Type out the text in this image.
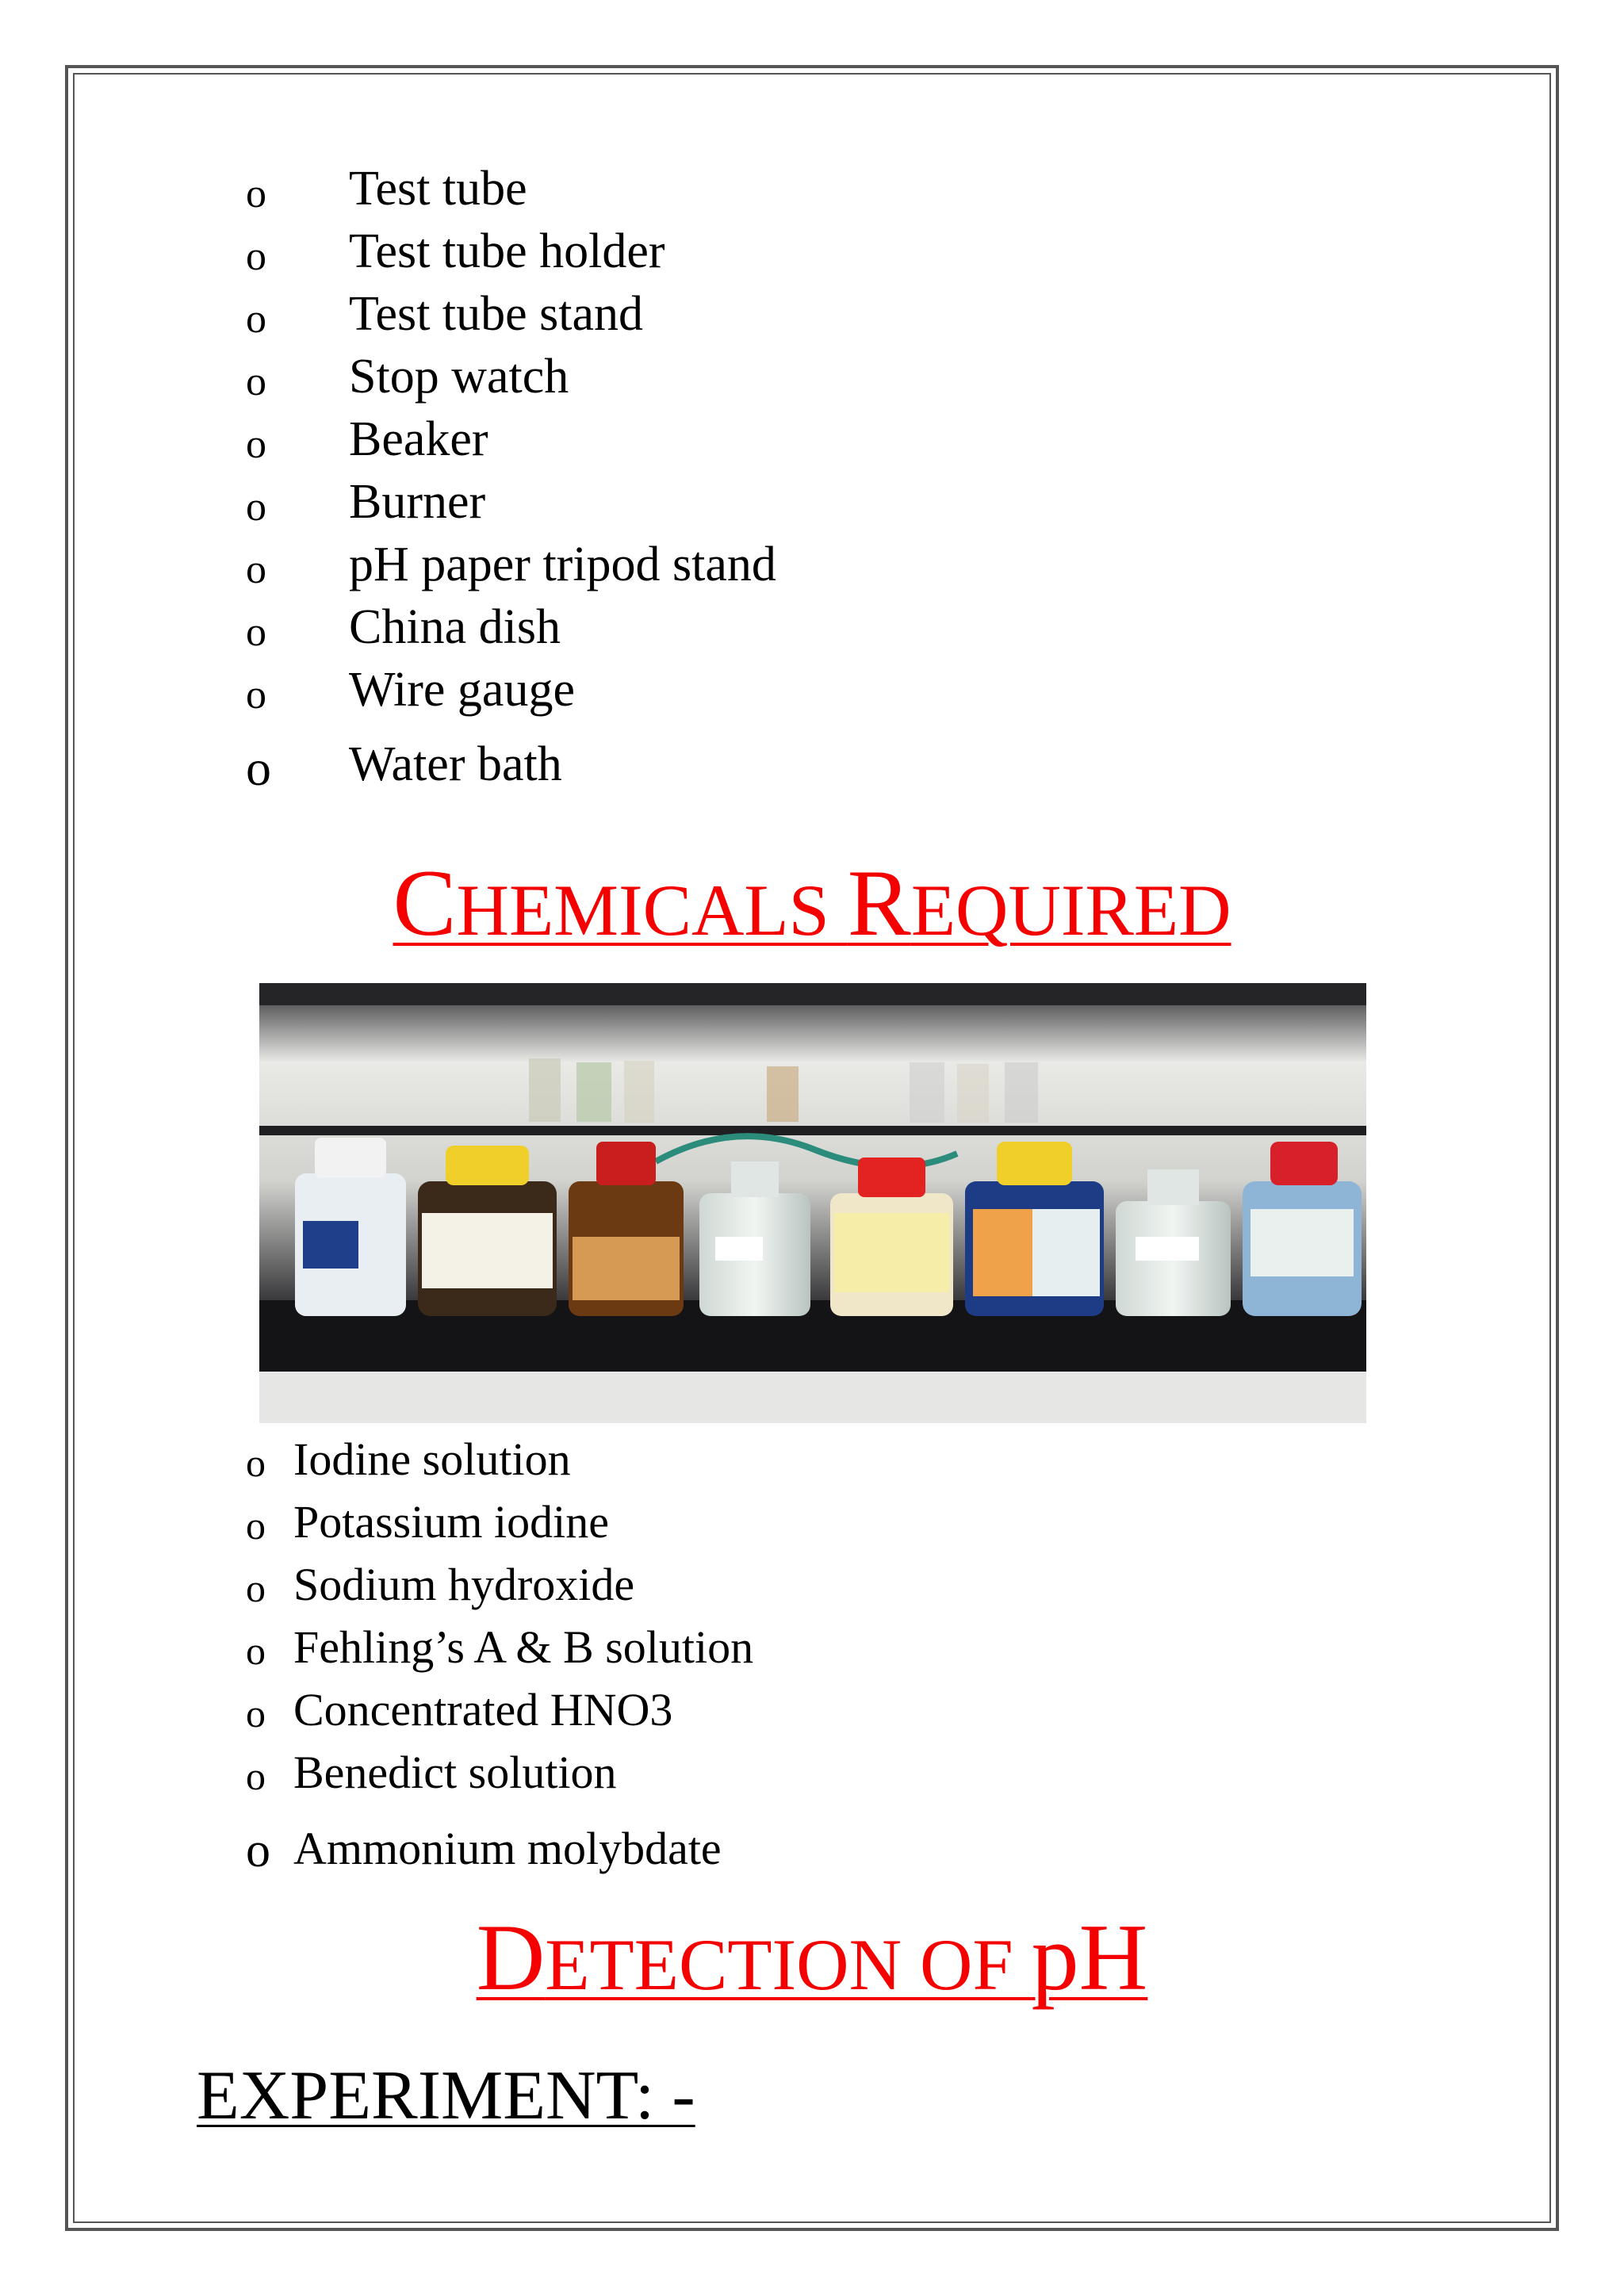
o Test tube
o Test tube holder
o Test tube stand
o Stop watch
o Beaker
o Burner
o pH paper tripod stand
o China dish
o Wire gauge
o Water bath
CHEMICALS REQUIRED
o Iodine solution
o Potassium iodine
o Sodium hydroxide
o Fehling’s A & B solution
o Concentrated HNO3
o Benedict solution
o Ammonium molybdate
DETECTION OF pH
EXPERIMENT: -
